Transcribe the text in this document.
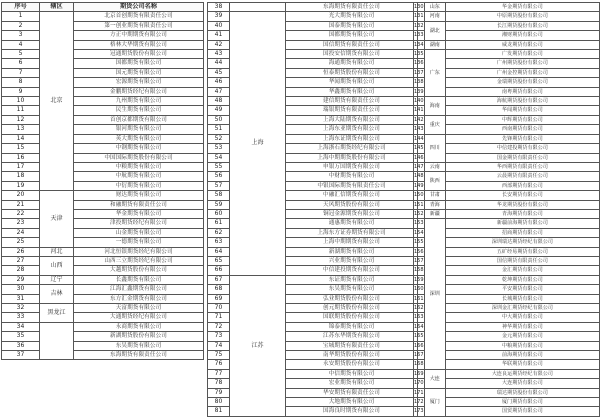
序号	辖区	期货公司名称
1	北京	北京首创期货有限责任公司
2		第一创业期货有限责任公司
3		方正中期期货有限公司
4		格林大华期货有限公司
5		冠通期货股份有限公司
6		国都期货有限公司
7		国元期货有限公司
8		宏源期货有限公司
9		金鹏期货经纪有限公司
10		九州期货有限公司
11		民生期货有限公司
12		首创京都期货有限公司
13		银河期货有限公司
14		英大期货有限公司
15		中钢期货有限公司
16		中国国际期货股份有限公司
17		中粮期货有限公司
18		中航期货有限公司
19		中衍期货有限公司
20	天津	财达期货有限公司
21		和融期货有限责任公司
22		华金期货有限公司
23		津投期货经纪有限公司
24		山金期货有限公司
25		一德期货有限公司
26	河北	河北恒银期货经纪有限公司
27	山西	山西三立期货经纪有限公司
28		大越期货股份有限公司
29	辽宁	长鑫期货有限公司
30	吉林	江海汇鑫期货有限公司
31		东方汇金期货有限公司
32	黑龙江	天富期货有限公司
33		大通期货经纪有限公司
34		永商期货有限公司
35		新湖期货股份有限公司
36		东吴期货有限公司
37		东海期货有限责任公司
38		东海期货有限责任公司
39	上海	光大期货有限公司
40		国泰期货有限公司
41		国都期货有限公司
42		国信期货有限责任公司
43		国投安信期货有限公司
44		海通期货有限公司
45		恒泰期货股份有限公司
46		华闻期货有限公司
47		华鑫期货有限公司
48		建信期货有限责任公司
49		瑞银期货有限责任公司
50		上海大陆期货有限公司
51		上海东亚期货有限公司
52		上海东证期货有限公司
53		上海浙石期货经纪有限公司
54		上海中期期货股份有限公司
55		申银万国期货有限公司
56		中财期货有限公司
57		中银国际期货有限责任公司
58		中融汇信期货有限公司
59		天风期货股份有限公司
60		铜冠金源期货有限公司
61		通惠期货有限公司
62		上海东方证券期货有限公司
63		上海中期期货有限公司
64		新湖期货有限公司
65		兴业期货有限公司
66		中信建投期货有限公司
67	江苏	东证期货有限公司
68		东吴期货有限公司
69		弘业期货股份有限公司
70		创元期货股份有限公司
71		国联期货股份有限公司
72		锦泰期货有限公司
73		江苏东华期货有限公司
74		宝城期货有限责任公司
75		南华期货股份有限公司
76		永安期货股份有限公司
77		中信期货有限公司
78		宏业期货有限公司
79		华安期货有限责任公司
80		大地期货有限公司
81		国海良时期货有限公司
130	山东	华金期货有限公司
131	河南	中原期货股份有限公司
132	湖北	长江期货股份有限公司
133		湘财期货有限公司
134	湖南	威龙期货有限公司
135	广东	广发期货有限公司
136		广州期货股份有限公司
137		广州金控期货有限公司
138		金瑞期货股份有限公司
139		南粤期货有限公司
140	海南	海航期货股份有限公司
141		华闻期货有限公司
142	重庆	中辉期货有限公司
143		西南期货有限公司
144	四川	先锋期货有限公司
145		中信建投期货有限公司
146		国金期货有限责任公司
147	云南	华西期货有限责任公司
148	陕西	云晨期货有限责任公司
149		西部期货有限公司
150	甘肃	长安期货有限公司
151	青海	华龙期货股份有限公司
152	新疆	青海期货有限公司
153	深圳	新疆前海期货有限公司
154		招商期货有限公司
155		深圳瑞达期货经纪有限公司
156		五矿经易期货有限公司
157		国信期货有限责任公司
158		金汇期货有限公司
159		乾坤期货有限公司
160		平安期货有限公司
161		长城期货有限公司
162		深圳金汇期货经纪有限公司
163		中大期货有限公司
164		神华期货有限公司
165		金元期货有限公司
166		中粮期货有限公司
167		前海期货有限公司
168		华联期货有限公司
169	大连	大连良运期货经纪有限公司
170		大连期货有限公司
171	厦门	瑞达期货股份有限公司
172		厦门期货有限公司
173		国贸期货有限公司
